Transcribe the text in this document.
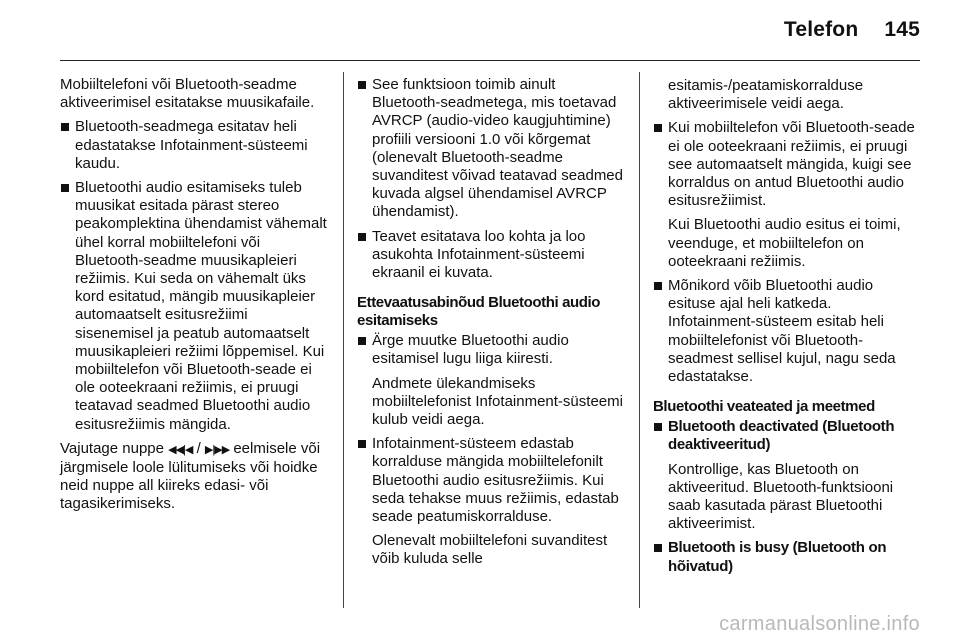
Telefon 145

Mobiiltelefoni või Bluetooth-seadme aktiveerimisel esitatakse muusikafaile.

Bluetooth-seadmega esitatav heli edastatakse Infotainment-süsteemi kaudu.
Bluetoothi audio esitamiseks tuleb muusikat esitada pärast stereo peakomplektina ühendamist vähemalt ühel korral mobiiltelefoni või Bluetooth-seadme muusikapleieri režiimis. Kui seda on vähemalt üks kord esitatud, mängib muusikapleier automaatselt esitusrežiimi sisenemisel ja peatub automaatselt muusikapleieri režiimi lõppemisel. Kui mobiiltelefon või Bluetooth-seade ei ole ooteekraani režiimis, ei pruugi teatavad seadmed Bluetoothi audio esitusrežiimis mängida.

Vajutage nuppe ◀◀|◀ / ▶|▶▶ eelmisele või järgmisele loole lülitumiseks või hoidke neid nuppe all kiireks edasi- või tagasikerimiseks.

See funktsioon toimib ainult Bluetooth-seadmetega, mis toetavad AVRCP (audio-video kaugjuhtimine) profiili versiooni 1.0 või kõrgemat (olenevalt Bluetooth-seadme suvanditest võivad teatavad seadmed kuvada algsel ühendamisel AVRCP ühendamist).
Teavet esitatava loo kohta ja loo asukohta Infotainment-süsteemi ekraanil ei kuvata.
Ettevaatusabinõud Bluetoothi audio esitamiseks
Ärge muutke Bluetoothi audio esitamisel lugu liiga kiiresti.
Andmete ülekandmiseks mobiiltelefonist Infotainment-süsteemi kulub veidi aega.
Infotainment-süsteem edastab korralduse mängida mobiiltelefonilt Bluetoothi audio esitusrežiimis. Kui seda tehakse muus režiimis, edastab seade peatumiskorralduse.
Olenevalt mobiiltelefoni suvanditest võib kuluda selle
esitamis-/peatamiskorralduse aktiveerimisele veidi aega.
Kui mobiiltelefon või Bluetooth-seade ei ole ooteekraani režiimis, ei pruugi see automaatselt mängida, kuigi see korraldus on antud Bluetoothi audio esitusrežiimist.
Kui Bluetoothi audio esitus ei toimi, veenduge, et mobiiltelefon on ooteekraani režiimis.
Mõnikord võib Bluetoothi audio esituse ajal heli katkeda. Infotainment-süsteem esitab heli mobiiltelefonist või Bluetooth-seadmest sellisel kujul, nagu seda edastatakse.
Bluetoothi veateated ja meetmed
Bluetooth deactivated (Bluetooth deaktiveeritud)
Kontrollige, kas Bluetooth on aktiveeritud. Bluetooth-funktsiooni saab kasutada pärast Bluetoothi aktiveerimist.
Bluetooth is busy (Bluetooth on hõivatud)
carmanualsonline.info
